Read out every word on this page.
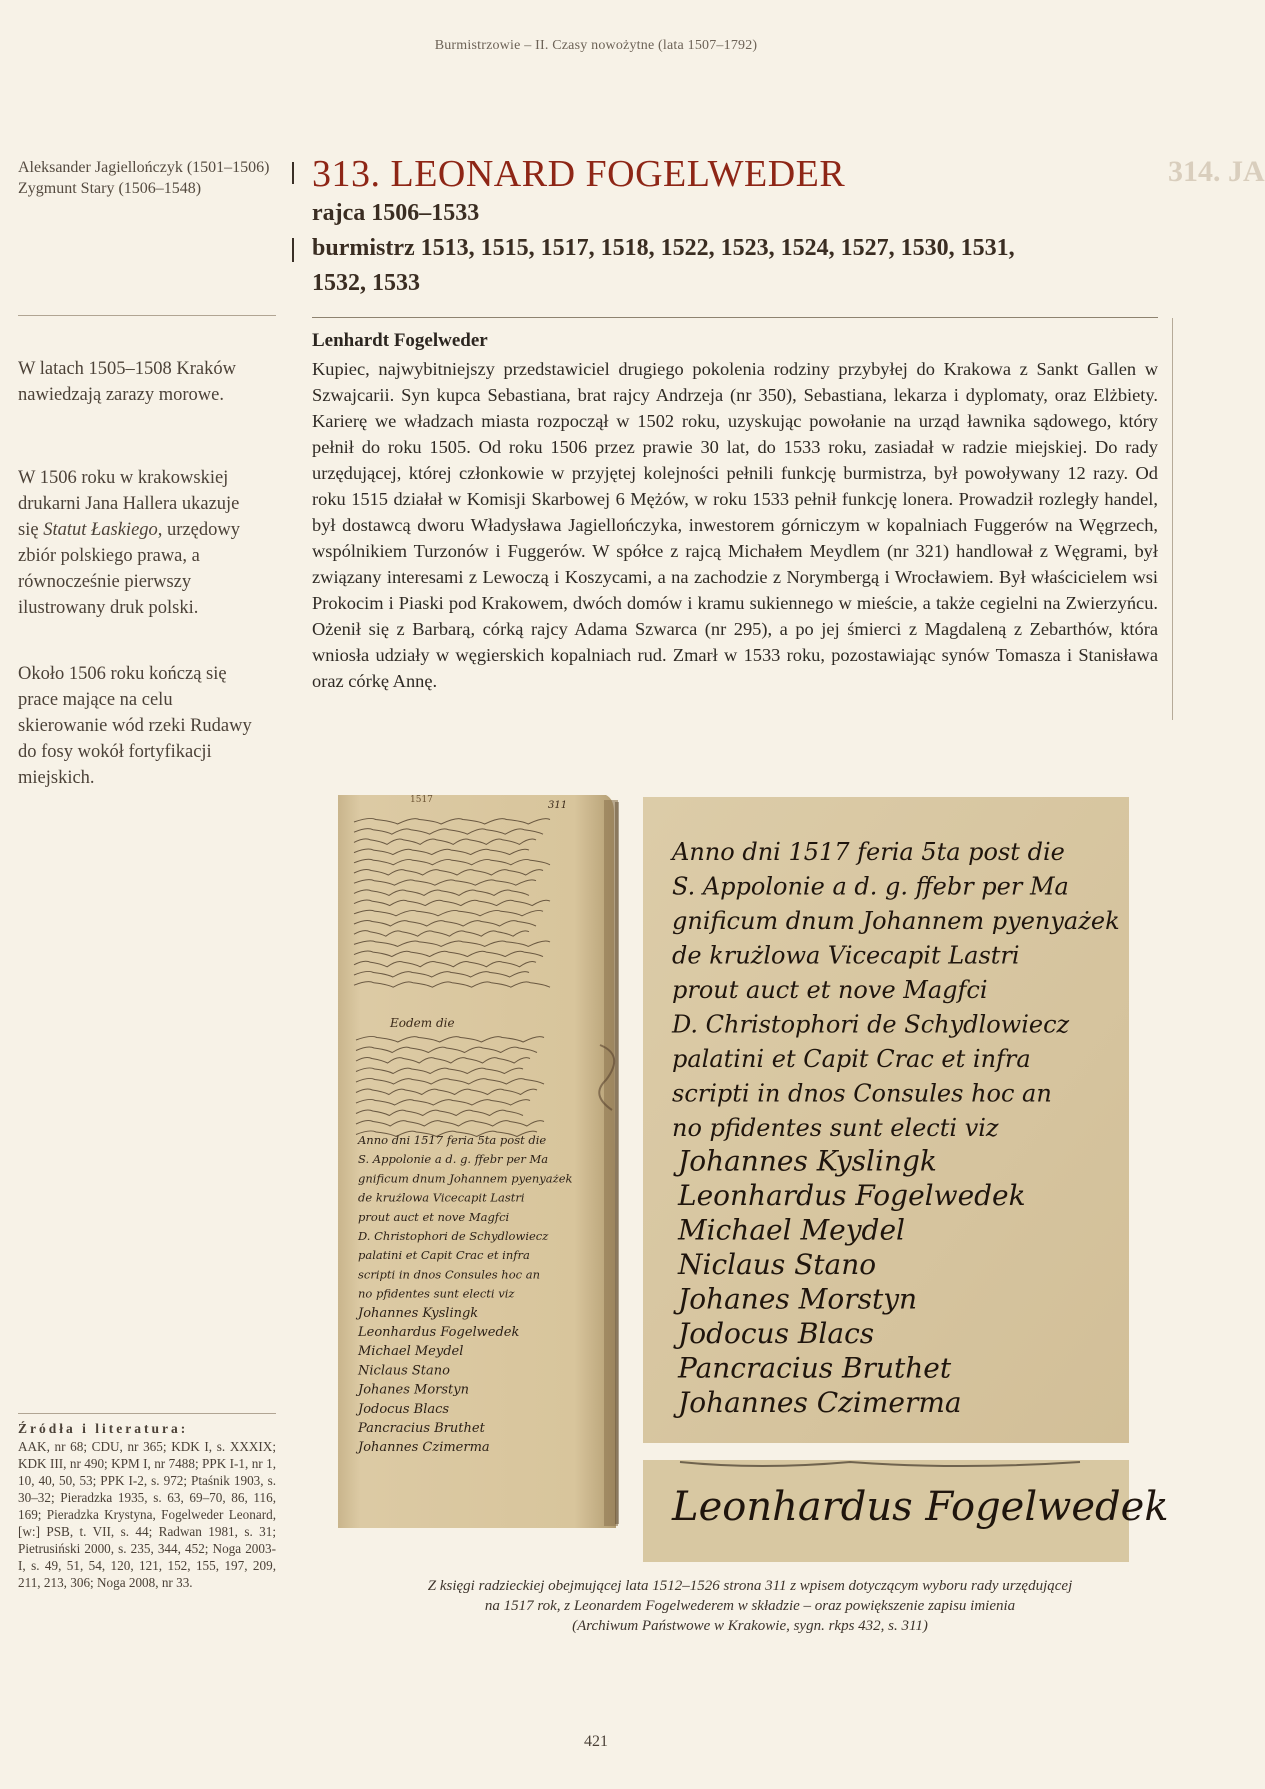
Burmistrzowie – II. Czasy nowożytne (lata 1507–1792)
314. JA
Aleksander Jagiellończyk (1501–1506)
Zygmunt Stary (1506–1548)
W latach 1505–1508 Kraków nawiedzają zarazy morowe.
W 1506 roku w krakowskiej drukarni Jana Hallera ukazuje się Statut Łaskiego, urzędowy zbiór polskiego prawa, a równocześnie pierwszy ilustrowany druk polski.
Około 1506 roku kończą się prace mające na celu skierowanie wód rzeki Rudawy do fosy wokół fortyfikacji miejskich.
313. LEONARD FOGELWEDER
rajca 1506–1533
burmistrz 1513, 1515, 1517, 1518, 1522, 1523, 1524, 1527, 1530, 1531,
1532, 1533
Lenhardt Fogelweder
Kupiec, najwybitniejszy przedstawiciel drugiego pokolenia rodziny przybyłej do Krakowa z Sankt Gallen w Szwajcarii. Syn kupca Sebastiana, brat rajcy Andrzeja (nr 350), Sebastiana, lekarza i dyplomaty, oraz Elżbiety. Karierę we władzach miasta rozpoczął w 1502 roku, uzyskując powołanie na urząd ławnika sądowego, który pełnił do roku 1505. Od roku 1506 przez prawie 30 lat, do 1533 roku, zasiadał w radzie miejskiej. Do rady urzędującej, której członkowie w przyjętej kolejności pełnili funkcję burmistrza, był powoływany 12 razy. Od roku 1515 działał w Komisji Skarbowej 6 Mężów, w roku 1533 pełnił funkcję lonera. Prowadził rozległy handel, był dostawcą dworu Władysława Jagiellończyka, inwestorem górniczym w kopalniach Fuggerów na Węgrzech, wspólnikiem Turzonów i Fuggerów. W spółce z rajcą Michałem Meydlem (nr 321) handlował z Węgrami, był związany interesami z Lewoczą i Koszycami, a na zachodzie z Norymbergą i Wrocławiem. Był właścicielem wsi Prokocim i Piaski pod Krakowem, dwóch domów i kramu sukiennego w mieście, a także cegielni na Zwierzyńcu. Ożenił się z Barbarą, córką rajcy Adama Szwarca (nr 295), a po jej śmierci z Magdaleną z Zebarthów, która wniosła udziały w węgierskich kopalniach rud. Zmarł w 1533 roku, pozostawiając synów Tomasza i Stanisława oraz córkę Annę.
1517	311
Eodem die
Anno dni 1517 feria 5ta post die
S. Appolonie a d. g. ffebr per Ma
gnificum dnum Johannem pyenyażek
de krużlowa Vicecapit Lastri
prout auct et nove Magfci
D. Christophori de Schydlowiecz
palatini et Capit Crac et infra
scripti in dnos Consules hoc an
no pfidentes sunt electi viz
Johannes Kyslingk
Leonhardus Fogelwedek
Michael Meydel
Niclaus Stano
Johanes Morstyn
Jodocus Blacs
Pancracius Bruthet
Johannes Czimerma
Anno dni 1517 feria 5ta post die
S. Appolonie a d. g. ffebr per Ma
gnificum dnum Johannem pyenyażek
de krużlowa Vicecapit Lastri
prout auct et nove Magfci
D. Christophori de Schydlowiecz
palatini et Capit Crac et infra
scripti in dnos Consules hoc an
no pfidentes sunt electi viz
Johannes Kyslingk
Leonhardus Fogelwedek
Michael Meydel
Niclaus Stano
Johanes Morstyn
Jodocus Blacs
Pancracius Bruthet
Johannes Czimerma
Leonhardus Fogelwedek
Źródła i literatura:
AAK, nr 68; CDU, nr 365; KDK I, s. XXXIX; KDK III, nr 490; KPM I, nr 7488; PPK I-1, nr 1, 10, 40, 50, 53; PPK I-2, s. 972; Ptaśnik 1903, s. 30–32; Pieradzka 1935, s. 63, 69–70, 86, 116, 169; Pieradzka Krystyna, Fogelweder Leonard, [w:] PSB, t. VII, s. 44; Radwan 1981, s. 31; Pietrusiński 2000, s. 235, 344, 452; Noga 2003-I, s. 49, 51, 54, 120, 121, 152, 155, 197, 209, 211, 213, 306; Noga 2008, nr 33.	Z księgi radzieckiej obejmującej lata 1512–1526 strona 311 z wpisem dotyczącym wyboru rady urzędującej
na 1517 rok, z Leonardem Fogelwederem w składzie – oraz powiększenie zapisu imienia
(Archiwum Państwowe w Krakowie, sygn. rkps 432, s. 311)
421
